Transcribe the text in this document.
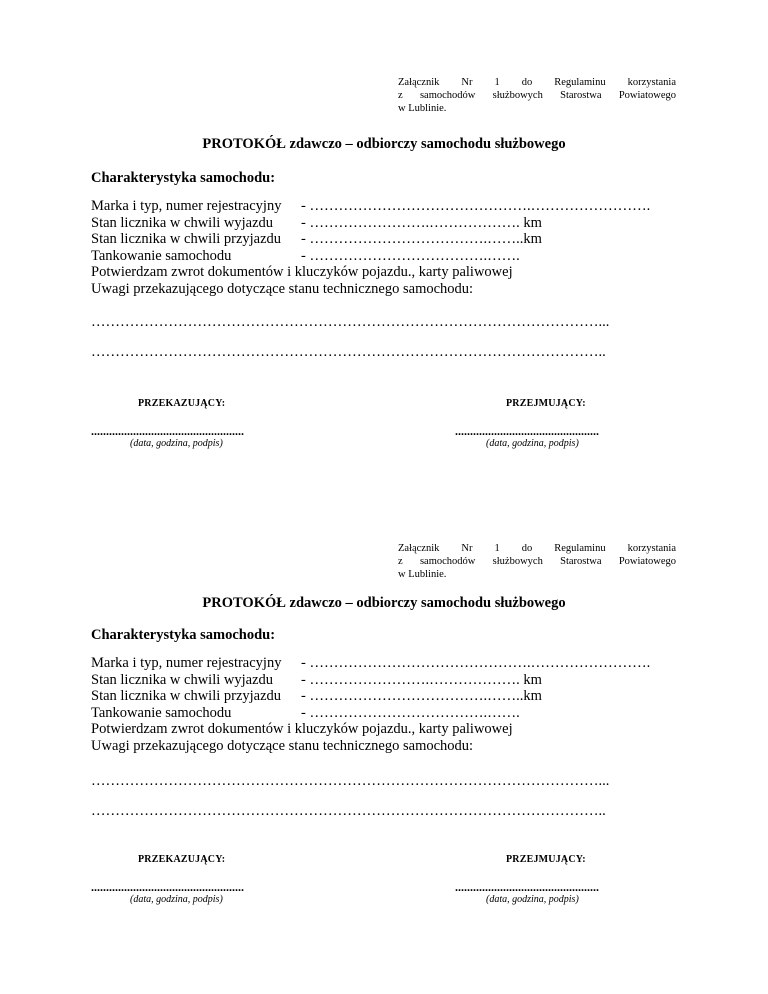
Załącznik Nr 1 do Regulaminu korzystania
z samochodów służbowych Starostwa Powiatowego
w Lublinie.
PROTOKÓŁ zdawczo – odbiorczy samochodu służbowego
Charakterystyka samochodu:
Marka i typ, numer rejestracyjny - ……………………………………….…………………….
Stan licznika w chwili wyjazdu - …………………….………………. km
Stan licznika w chwili przyjazdu - ……………………………….……..km
Tankowanie samochodu	- ……………………………….…….
Potwierdzam zwrot dokumentów i kluczyków pojazdu., karty paliwowej
Uwagi przekazującego dotyczące stanu technicznego samochodu:
……………………………………………………………………………………………...
……………………………………………………………………………………………..
PRZEKAZUJĄCY:	PRZEJMUJĄCY:
...................................................	................................................
(data, godzina, podpis)	(data, godzina, podpis)
Załącznik Nr 1 do Regulaminu korzystania
z samochodów służbowych Starostwa Powiatowego
w Lublinie.
PROTOKÓŁ zdawczo – odbiorczy samochodu służbowego
Charakterystyka samochodu:
Marka i typ, numer rejestracyjny - ……………………………………….…………………….
Stan licznika w chwili wyjazdu - …………………….………………. km
Stan licznika w chwili przyjazdu - ……………………………….……..km
Tankowanie samochodu	- ……………………………….…….
Potwierdzam zwrot dokumentów i kluczyków pojazdu., karty paliwowej
Uwagi przekazującego dotyczące stanu technicznego samochodu:
……………………………………………………………………………………………...
……………………………………………………………………………………………..
PRZEKAZUJĄCY:	PRZEJMUJĄCY:
...................................................	................................................
(data, godzina, podpis)	(data, godzina, podpis)
